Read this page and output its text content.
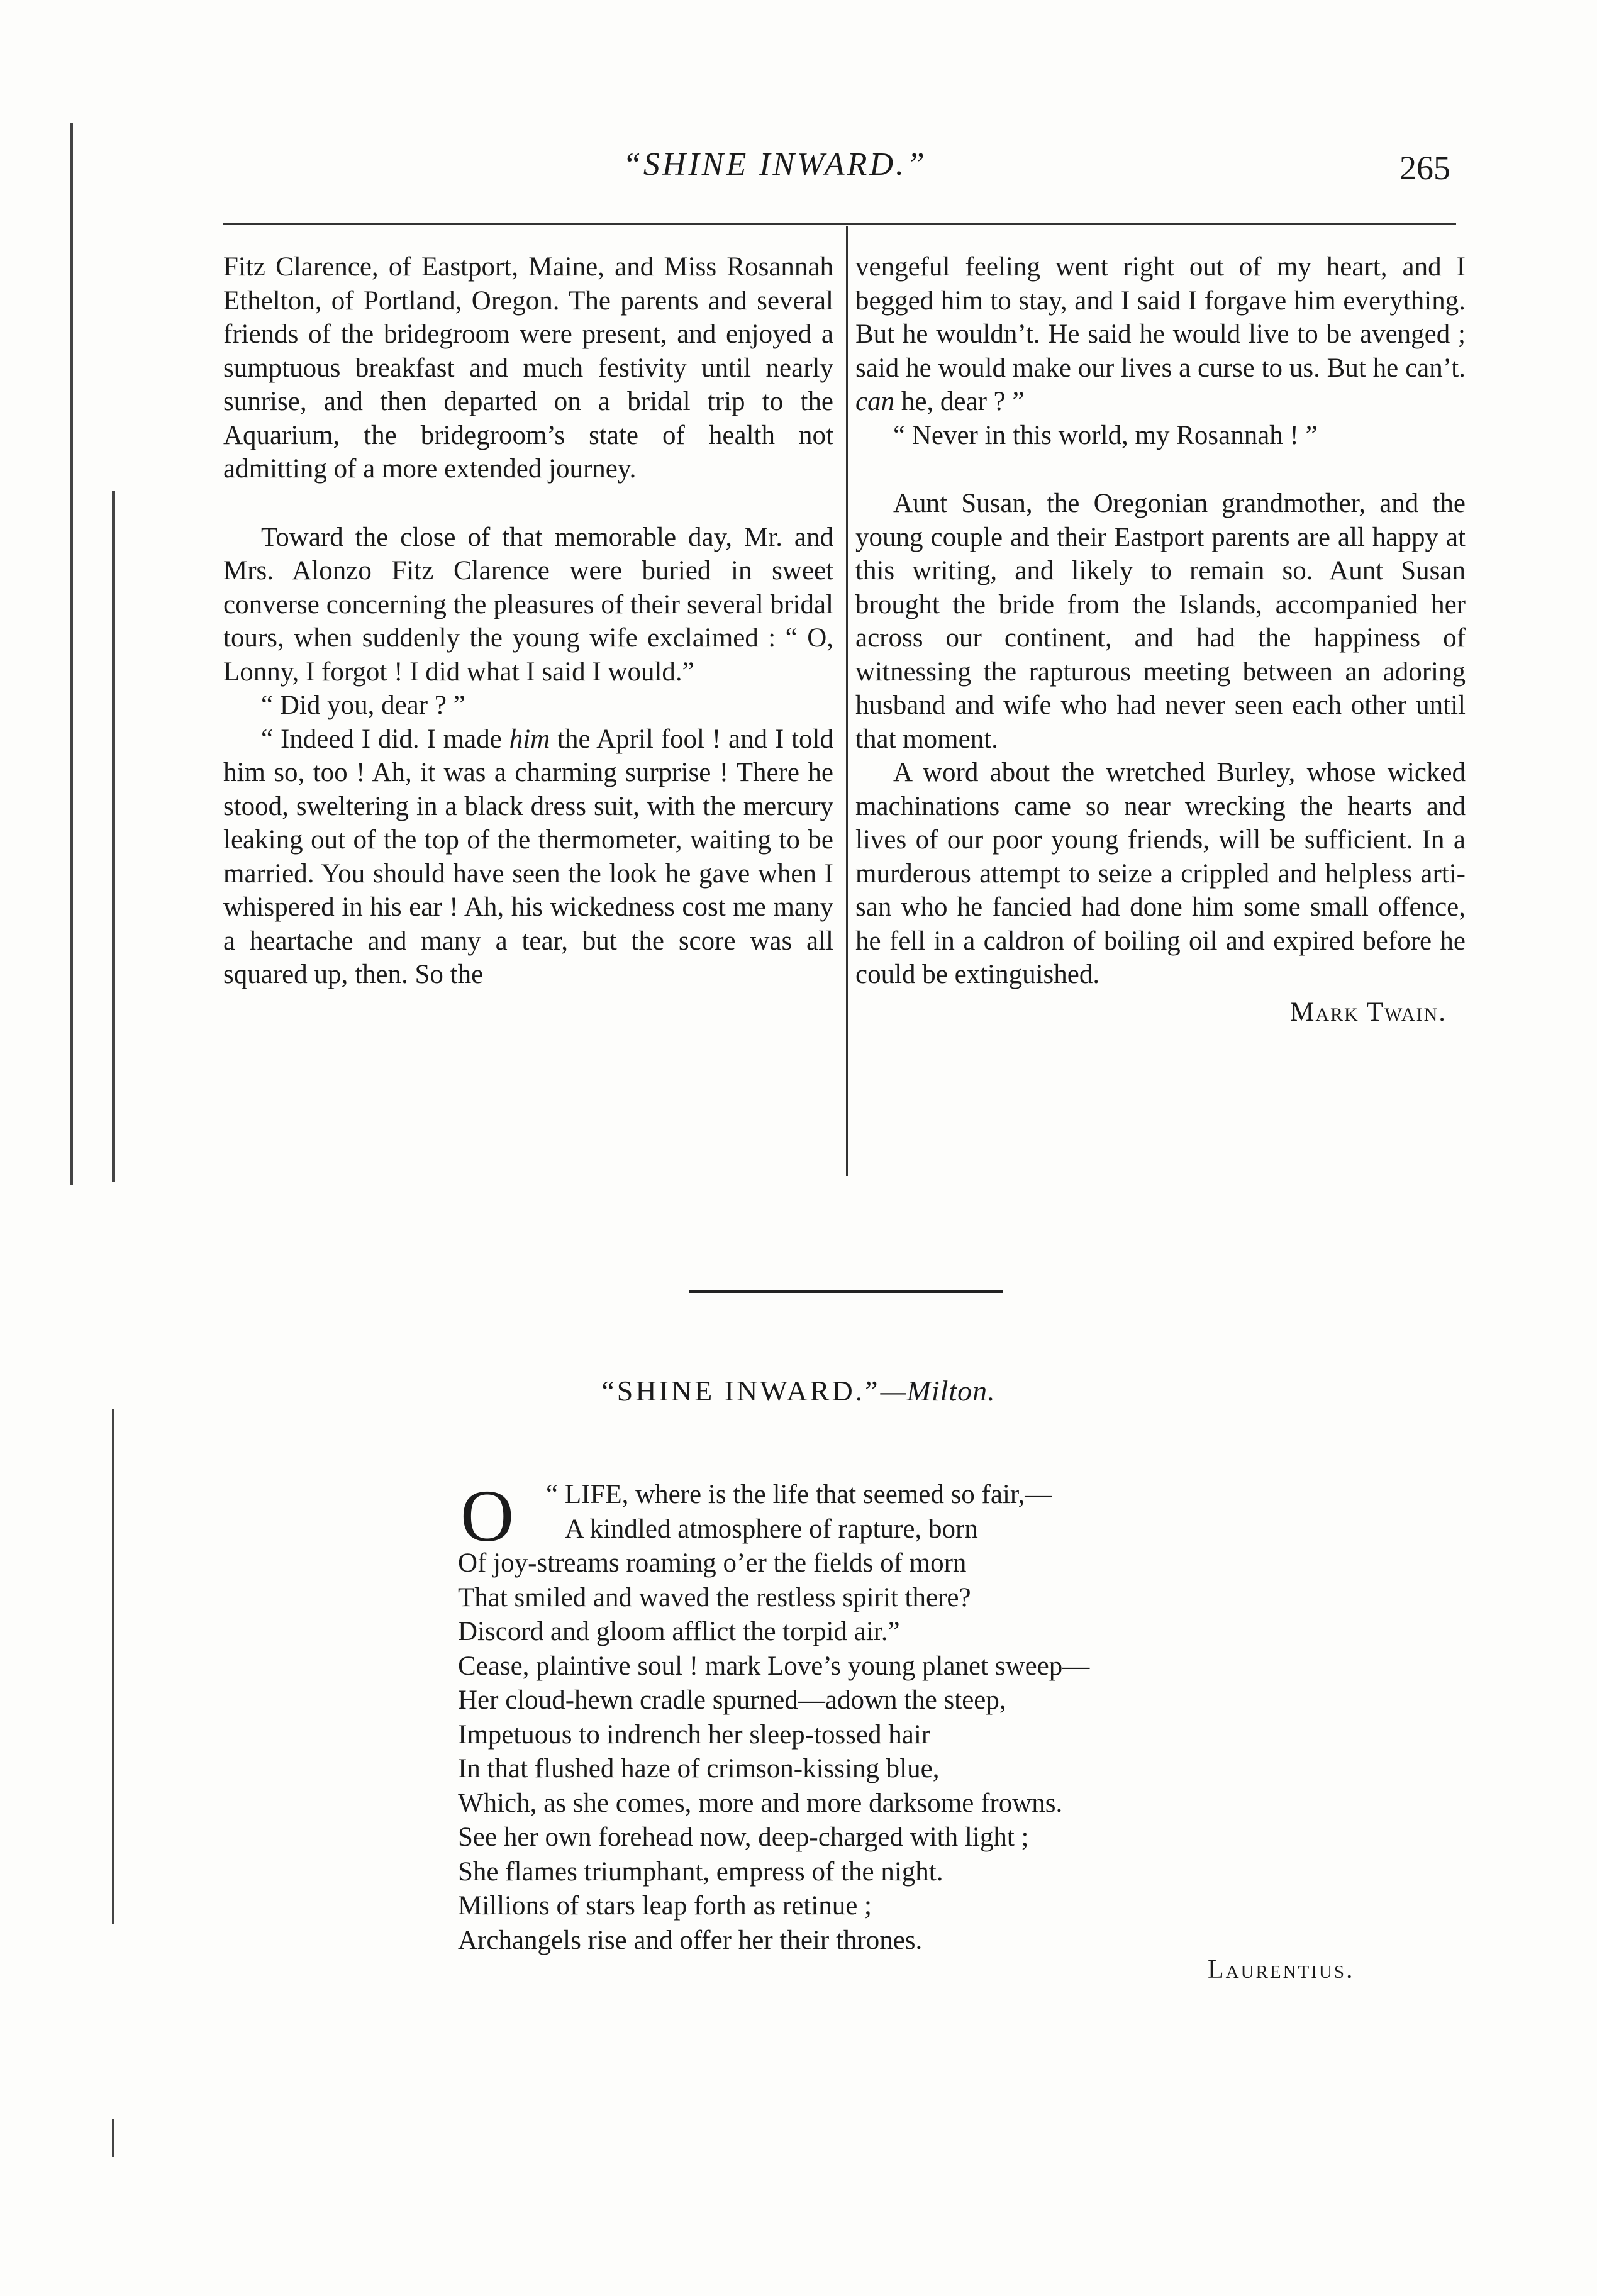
“SHINE INWARD.”	265

Fitz Clarence, of Eastport, Maine, and Miss Rosannah Ethelton, of Portland, Oregon. The parents and several friends of the bridegroom were present, and enjoyed a sumptuous breakfast and much festivity until nearly sunrise, and then departed on a bridal trip to the Aquarium, the bridegroom’s state of health not admitting of a more extended journey.

Toward the close of that memorable day, Mr. and Mrs. Alonzo Fitz Clarence were buried in sweet converse concerning the pleasures of their several bridal tours, when suddenly the young wife exclaimed : “ O, Lonny, I forgot ! I did what I said I would.”

“ Did you, dear ? ”

“ Indeed I did. I made him the April fool ! and I told him so, too ! Ah, it was a charming surprise ! There he stood, sweltering in a black dress suit, with the mercury leaking out of the top of the thermometer, waiting to be married. You should have seen the look he gave when I whispered in his ear ! Ah, his wickedness cost me many a heartache and many a tear, but the score was all squared up, then. So the

vengeful feeling went right out of my heart, and I begged him to stay, and I said I forgave him everything. But he wouldn’t. He said he would live to be avenged ; said he would make our lives a curse to us. But he can’t. can he, dear ? ”

“ Never in this world, my Rosannah ! ”

Aunt Susan, the Oregonian grandmother, and the young couple and their Eastport parents are all happy at this writing, and likely to remain so. Aunt Susan brought the bride from the Islands, accompanied her across our continent, and had the happiness of witnessing the rapturous meeting between an adoring husband and wife who had never seen each other until that moment.

A word about the wretched Burley, whose wicked machinations came so near wrecking the hearts and lives of our poor young friends, will be sufficient. In a murderous attempt to seize a crippled and helpless artisan who he fancied had done him some small offence, he fell in a caldron of boiling oil and expired before he could be extinguished.

Mark Twain.
“SHINE INWARD.”—Milton.
O	“ LIFE, where is the life that seemed so fair,—
A kindled atmosphere of rapture, born
Of joy-streams roaming o’er the fields of morn
That smiled and waved the restless spirit there?
Discord and gloom afflict the torpid air.”
Cease, plaintive soul ! mark Love’s young planet sweep—
Her cloud-hewn cradle spurned—adown the steep,
Impetuous to indrench her sleep-tossed hair
In that flushed haze of crimson-kissing blue,
Which, as she comes, more and more darksome frowns.
See her own forehead now, deep-charged with light ;
She flames triumphant, empress of the night.
Millions of stars leap forth as retinue ;
Archangels rise and offer her their thrones.
Laurentius.
